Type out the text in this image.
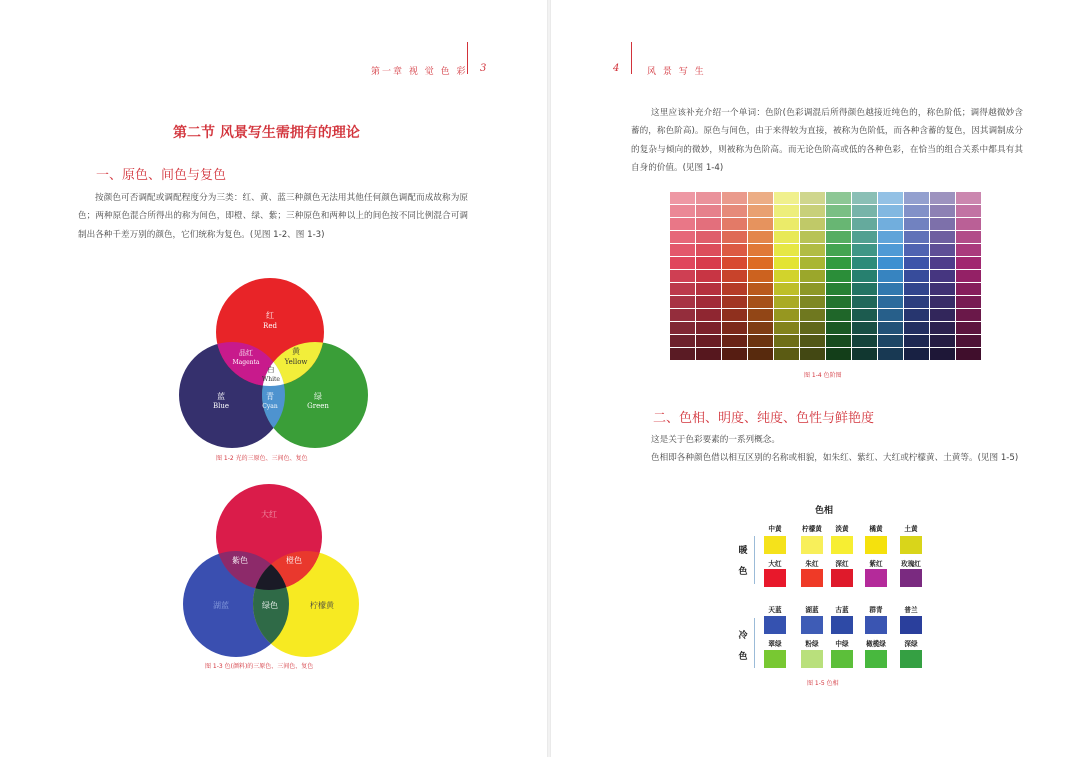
第一章 视 觉 色 彩 3
第二节 风景写生需拥有的理论
一、原色、间色与复色
按颜色可否调配或调配程度分为三类：红、黄、蓝三种颜色无法用其他任何颜色调配而成故称为原色；两种原色混合所得出的称为间色，即橙、绿、紫；三种原色和两种以上的间色按不同比例混合可调制出各种千差万别的颜色，它们统称为复色。(见图 1-2、图 1-3)
红
Red
品红
Magenta
黄
Yellow
白
White
蓝
Blue
青
Cyan
绿
Green
图 1-2 光的三原色、三间色、复色
大红
紫色	橙色
湖蓝	绿色	柠檬黄
图 1-3 色(颜料)的三原色、三间色、复色
4	风 景 写 生
这里应该补充介绍一个单词：色阶(色彩调混后所得颜色越接近纯色的，称色阶低；调得越微妙含蓄的，称色阶高)。原色与间色，由于来得较为直接，被称为色阶低，而各种含蓄的复色，因其调制成分的复杂与倾向的微妙，则被称为色阶高。而无论色阶高或低的各种色彩，在恰当的组合关系中都具有其自身的价值。(见图 1-4)
图 1-4 色阶图
二、色相、明度、纯度、色性与鲜艳度
这是关于色彩要素的一系列概念。
色相即各种颜色借以相互区别的名称或相貌，如朱红、紫红、大红或柠檬黄、土黄等。(见图 1-5)
色相
暖
色
冷
色
中黄	柠檬黄	淡黄	橘黄	土黄
大红	朱红	深红	紫红	玫瑰红
天蓝	湖蓝	古蓝	群青	普兰
翠绿	粉绿	中绿	橄榄绿	深绿
图 1-5 色相
